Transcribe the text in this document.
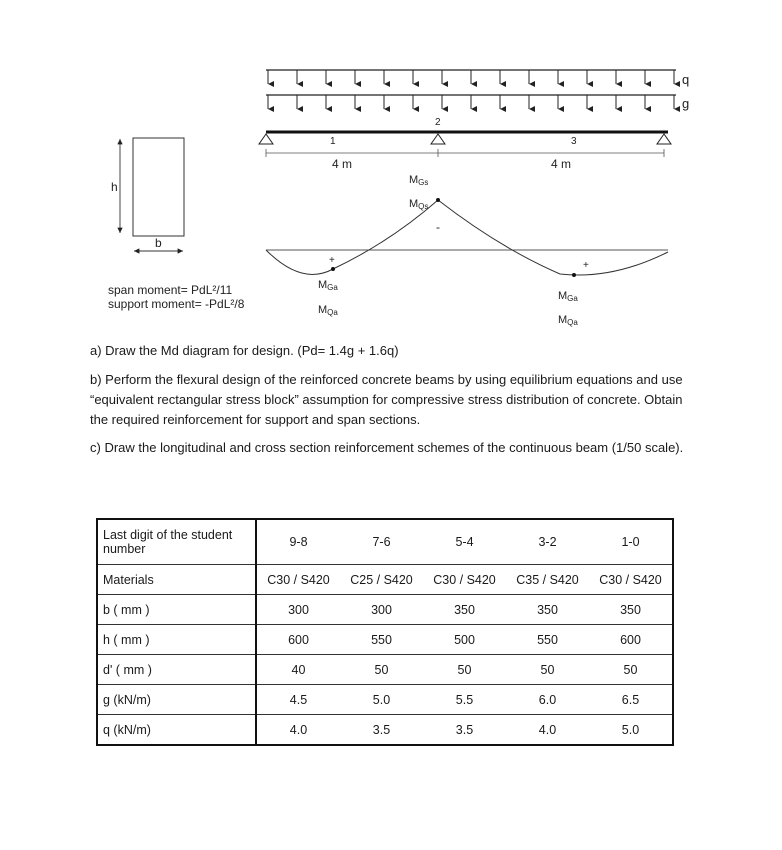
q
g
1
2
3
4 m	4 m
h
b
+	+
-
MGs
MQs
MGa
MQa
MGa
MQa
span moment= PdL²/11
support moment= -PdL²/8

a) Draw the Md diagram for design. (Pd= 1.4g + 1.6q)

b) Perform the flexural design of the reinforced concrete beams by using equilibrium equations and use “equivalent rectangular stress block” assumption for compressive stress distribution of concrete. Obtain the required reinforcement for support and span sections.

c) Draw the longitudinal and cross section reinforcement schemes of the continuous beam (1/50 scale).

Last digit of the student number	9-8	7-6	5-4	3-2	1-0
Materials	C30 / S420	C25 / S420	C30 / S420	C35 / S420	C30 / S420
b ( mm )	300	300	350	350	350
h ( mm )	600	550	500	550	600
d' ( mm )	40	50	50	50	50
g (kN/m)	4.5	5.0	5.5	6.0	6.5
q (kN/m)	4.0	3.5	3.5	4.0	5.0
